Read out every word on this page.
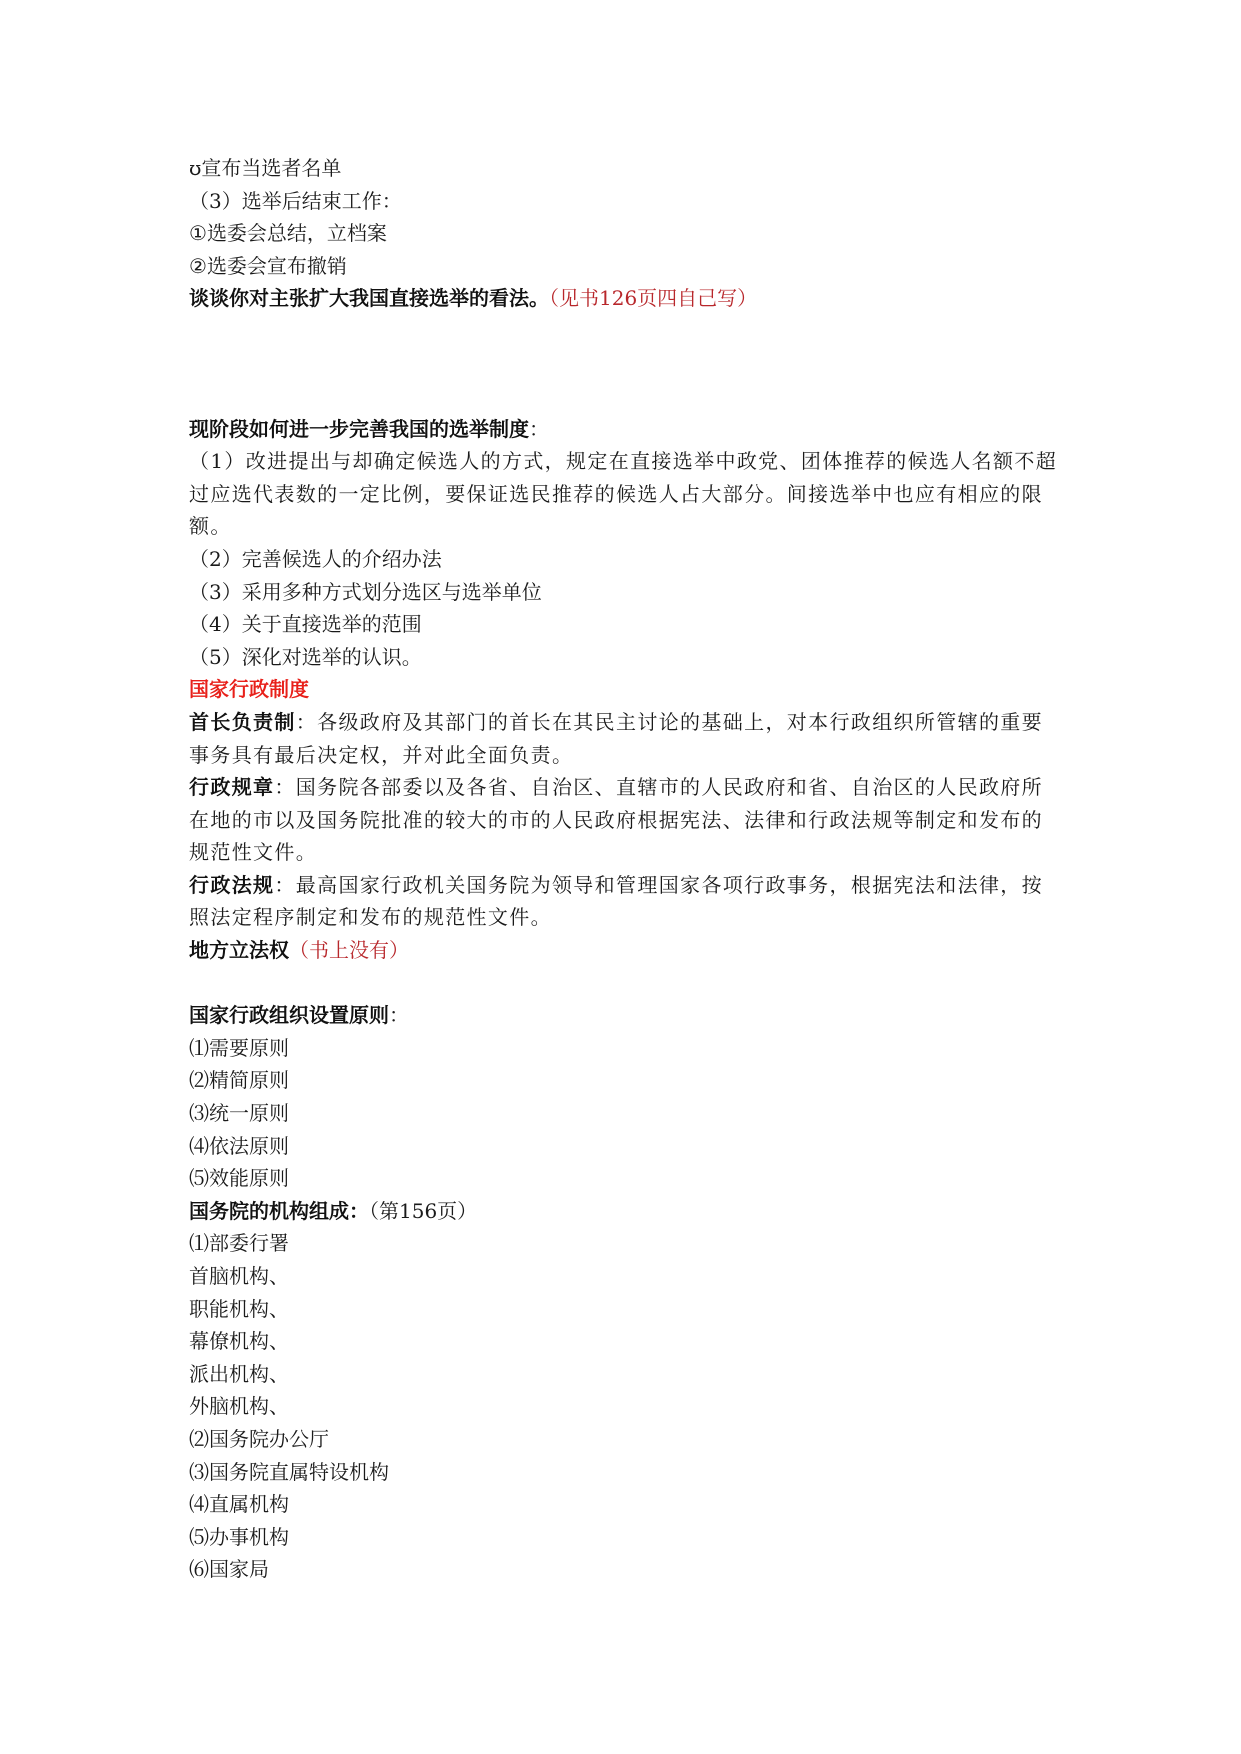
ʊ宣布当选者名单
（3）选举后结束工作：
①选委会总结，立档案
②选委会宣布撤销
谈谈你对主张扩大我国直接选举的看法。（见书126页四自己写）
现阶段如何进一步完善我国的选举制度：
（1）改进提出与却确定候选人的方式，规定在直接选举中政党、团体推荐的候选人名额不超过应选代表数的一定比例，要保证选民推荐的候选人占大部分。间接选举中也应有相应的限额。
（2）完善候选人的介绍办法
（3）采用多种方式划分选区与选举单位
（4）关于直接选举的范围
（5）深化对选举的认识。
国家行政制度
首长负责制：各级政府及其部门的首长在其民主讨论的基础上，对本行政组织所管辖的重要事务具有最后决定权，并对此全面负责。
行政规章：国务院各部委以及各省、自治区、直辖市的人民政府和省、自治区的人民政府所在地的市以及国务院批准的较大的市的人民政府根据宪法、法律和行政法规等制定和发布的规范性文件。
行政法规：最高国家行政机关国务院为领导和管理国家各项行政事务，根据宪法和法律，按照法定程序制定和发布的规范性文件。
地方立法权（书上没有）
国家行政组织设置原则：
⑴需要原则
⑵精简原则
⑶统一原则
⑷依法原则
⑸效能原则
国务院的机构组成：（第156页）
⑴部委行署
首脑机构、
职能机构、
幕僚机构、
派出机构、
外脑机构、
⑵国务院办公厅
⑶国务院直属特设机构
⑷直属机构
⑸办事机构
⑹国家局
